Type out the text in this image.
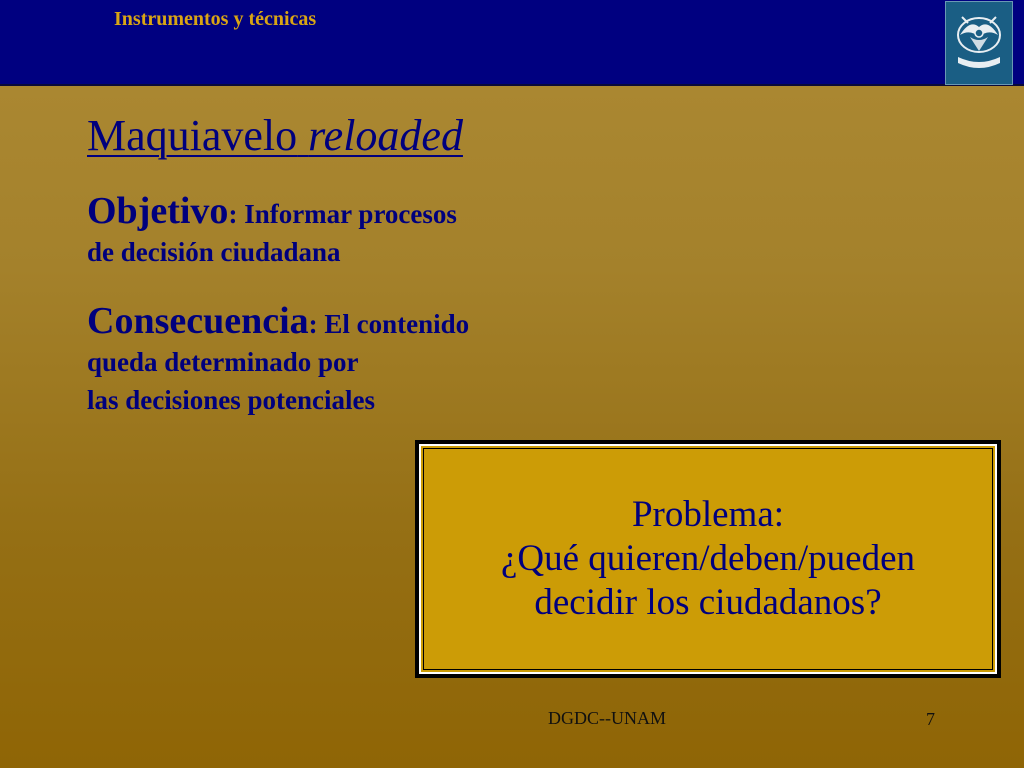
Instrumentos y técnicas
Maquiavelo reloaded
Objetivo: Informar procesos
de decisión ciudadana
Consecuencia: El contenido
queda determinado por
las decisiones potenciales
Problema:
¿Qué quieren/deben/pueden
decidir los ciudadanos?
DGDC--UNAM	7
